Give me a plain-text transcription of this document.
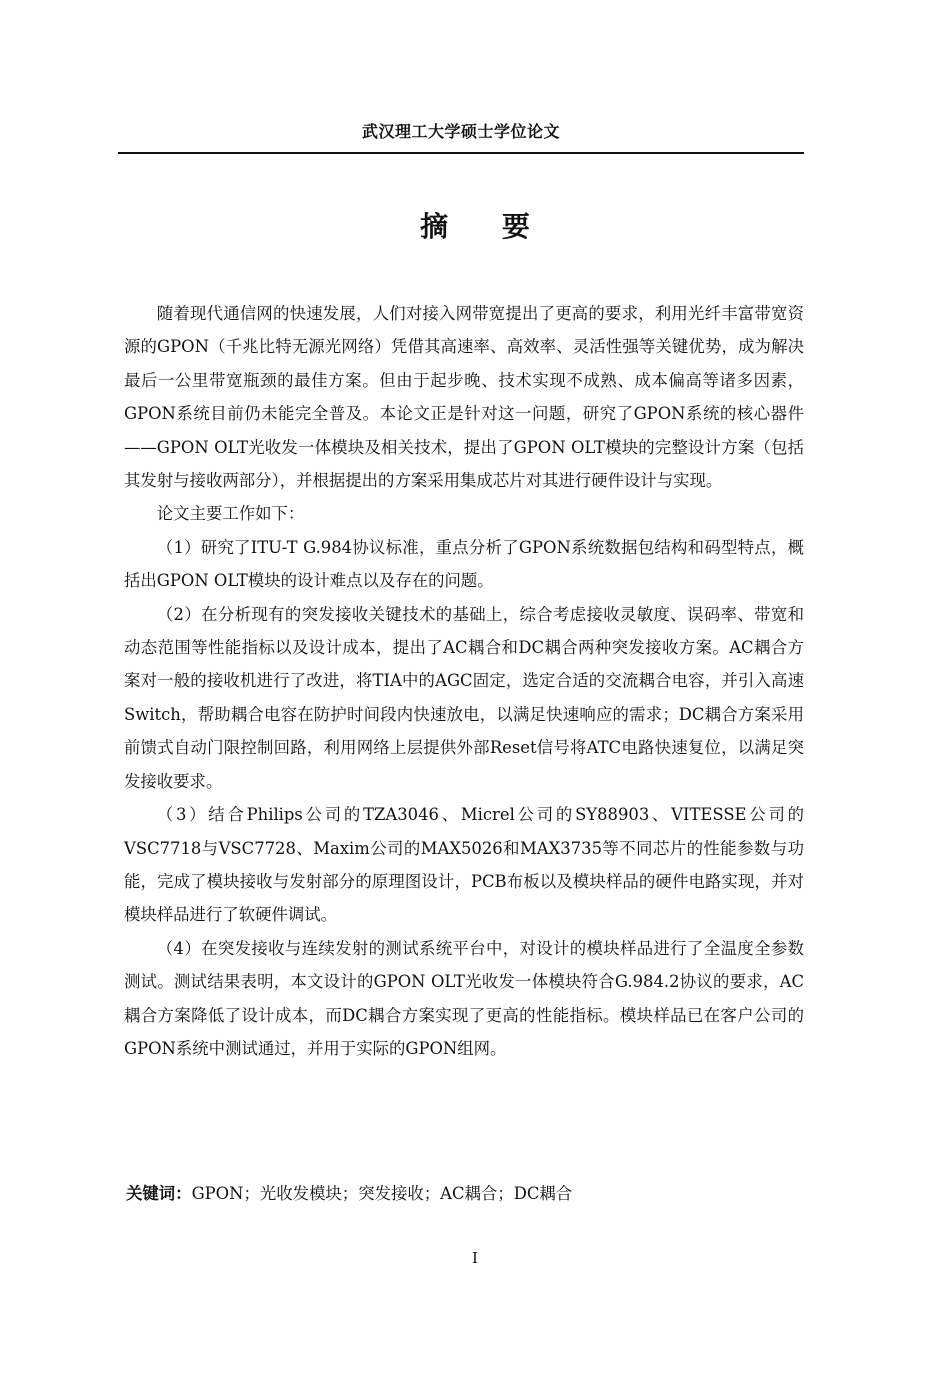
武汉理工大学硕士学位论文
摘 要

随着现代通信网的快速发展，人们对接入网带宽提出了更高的要求，利用光纤丰富带宽资源的GPON（千兆比特无源光网络）凭借其高速率、高效率、灵活性强等关键优势，成为解决最后一公里带宽瓶颈的最佳方案。但由于起步晚、技术实现不成熟、成本偏高等诸多因素，GPON系统目前仍未能完全普及。本论文正是针对这一问题，研究了GPON系统的核心器件——GPON OLT光收发一体模块及相关技术，提出了GPON OLT模块的完整设计方案（包括其发射与接收两部分），并根据提出的方案采用集成芯片对其进行硬件设计与实现。

论文主要工作如下：

（1）研究了ITU-T G.984协议标准，重点分析了GPON系统数据包结构和码型特点，概括出GPON OLT模块的设计难点以及存在的问题。

（2）在分析现有的突发接收关键技术的基础上，综合考虑接收灵敏度、误码率、带宽和动态范围等性能指标以及设计成本，提出了AC耦合和DC耦合两种突发接收方案。AC耦合方案对一般的接收机进行了改进，将TIA中的AGC固定，选定合适的交流耦合电容，并引入高速Switch，帮助耦合电容在防护时间段内快速放电，以满足快速响应的需求；DC耦合方案采用前馈式自动门限控制回路，利用网络上层提供外部Reset信号将ATC电路快速复位，以满足突发接收要求。

（3）结合Philips公司的TZA3046、Micrel公司的SY88903、VITESSE公司的VSC7718与VSC7728、Maxim公司的MAX5026和MAX3735等不同芯片的性能参数与功能，完成了模块接收与发射部分的原理图设计，PCB布板以及模块样品的硬件电路实现，并对模块样品进行了软硬件调试。

（4）在突发接收与连续发射的测试系统平台中，对设计的模块样品进行了全温度全参数测试。测试结果表明，本文设计的GPON OLT光收发一体模块符合G.984.2协议的要求，AC耦合方案降低了设计成本，而DC耦合方案实现了更高的性能指标。模块样品已在客户公司的GPON系统中测试通过，并用于实际的GPON组网。

关键词：GPON；光收发模块；突发接收；AC耦合；DC耦合
I
